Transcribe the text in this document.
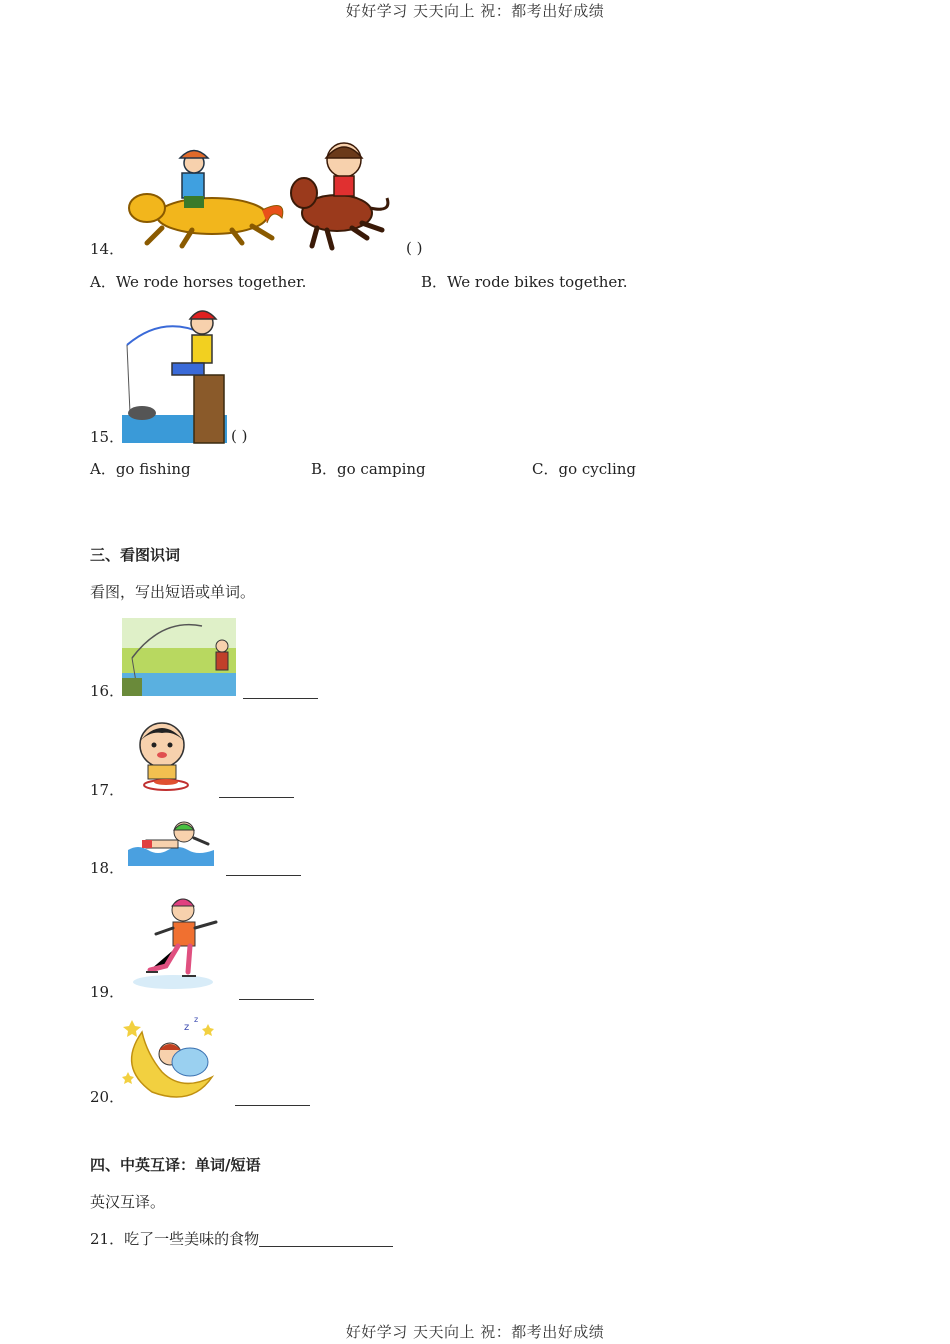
好好学习 天天向上 祝：都考出好成绩
14．	( )
A．We rode horses together.	B．We rode bikes together.
15．	( )
A．go fishing	B．go camping	C．go cycling
三、看图识词
看图，写出短语或单词。
16．
17．
18．
19．
z
z
20．
四、中英互译：单词/短语
英汉互译。
21．吃了一些美味的食物
好好学习 天天向上 祝：都考出好成绩
